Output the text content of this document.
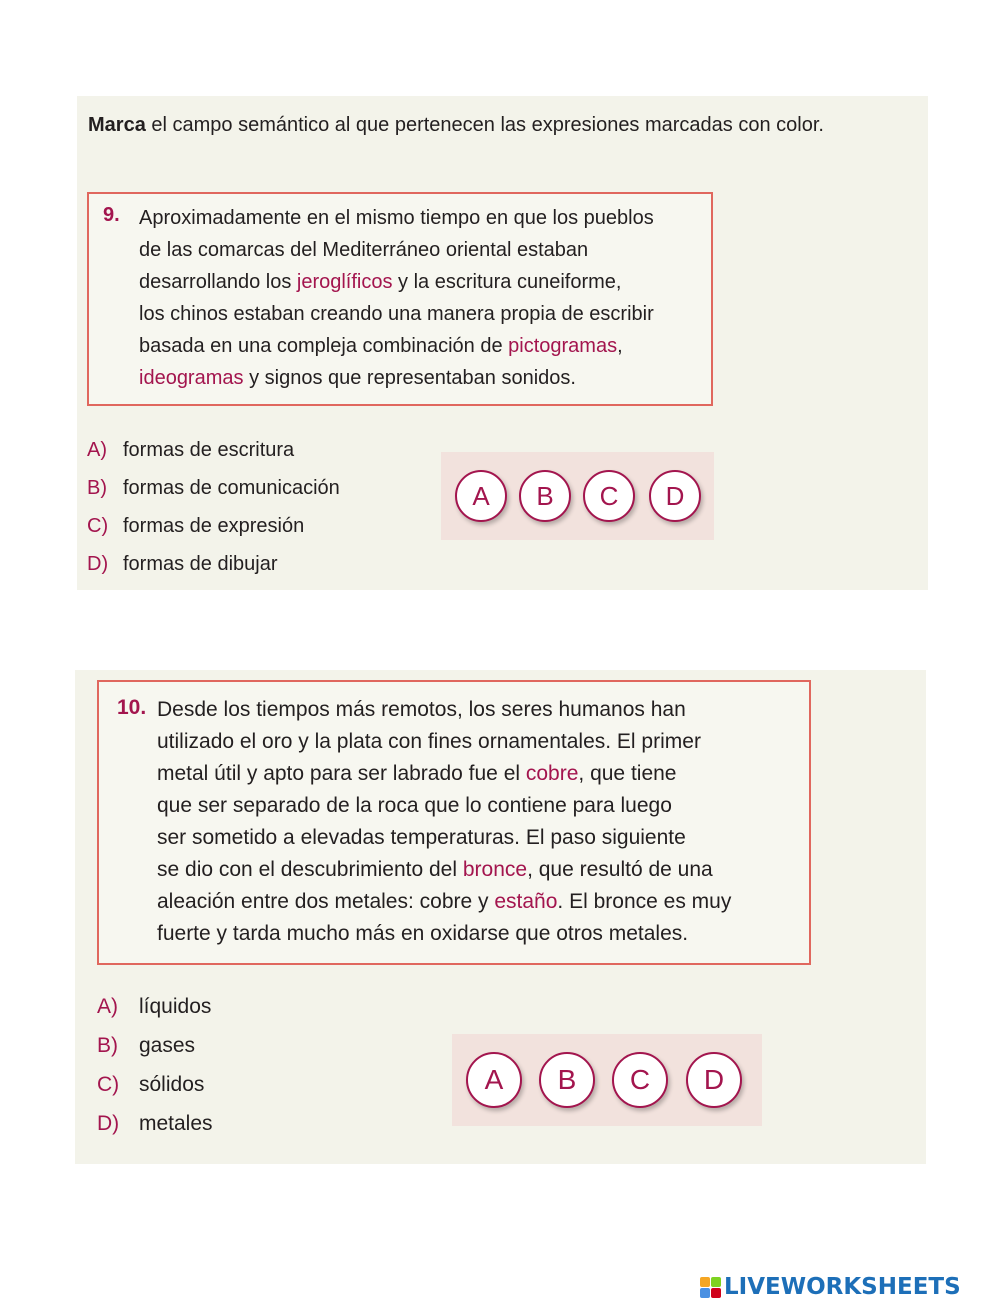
Marca el campo semántico al que pertenecen las expresiones marcadas con color.
9. Aproximadamente en el mismo tiempo en que los pueblos
de las comarcas del Mediterráneo oriental estaban
desarrollando los jeroglíficos y la escritura cuneiforme,
los chinos estaban creando una manera propia de escribir
basada en una compleja combinación de pictogramas,
ideogramas y signos que representaban sonidos.
A) formas de escritura
B) formas de comunicación
C) formas de expresión
D) formas de dibujar
A	B	C	D
10. Desde los tiempos más remotos, los seres humanos han
utilizado el oro y la plata con fines ornamentales. El primer
metal útil y apto para ser labrado fue el cobre, que tiene
que ser separado de la roca que lo contiene para luego
ser sometido a elevadas temperaturas. El paso siguiente
se dio con el descubrimiento del bronce, que resultó de una
aleación entre dos metales: cobre y estaño. El bronce es muy
fuerte y tarda mucho más en oxidarse que otros metales.
A) líquidos
B) gases
C) sólidos
D) metales
A	B	C	D
LIVEWORKSHEETS
